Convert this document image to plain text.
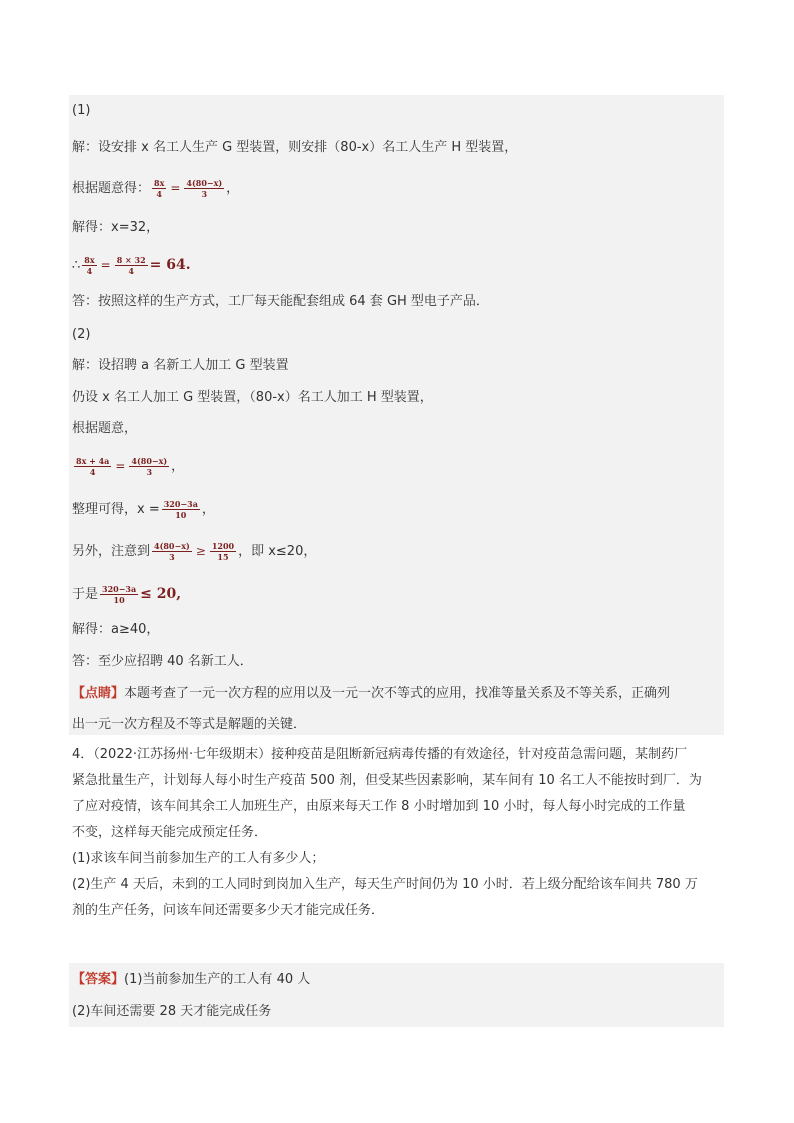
(1)
解：设安排 x 名工人生产 G 型装置，则安排（80-x）名工人生产 H 型装置，
根据题意得： $\frac{8x}{4} = \frac{4(80-x)}{3}$ ，
解得：x=32，
∴ $\frac{8x}{4} = \frac{8 \times 32}{4} = 64$.
答：按照这样的生产方式，工厂每天能配套组成 64 套 GH 型电子产品．
(2)
解：设招聘 a 名新工人加工 G 型装置
仍设 x 名工人加工 G 型装置，（80-x）名工人加工 H 型装置，
根据题意，
$\frac{8x + 4a}{4} = \frac{4(80-x)}{3}$ ，
整理可得，$x = \frac{320-3a}{10}$ ，
另外，注意到 $\frac{4(80-x)}{3} \ge \frac{1200}{15}$ ，即 x≤20，
于是 $\frac{320-3a}{10} \le 20$,
解得：a≥40，
答：至少应招聘 40 名新工人．
【点睛】本题考查了一元一次方程的应用以及一元一次不等式的应用，找准等量关系及不等关系，正确列
出一元一次方程及不等式是解题的关键．
4．（2022·江苏扬州·七年级期末）接种疫苗是阻断新冠病毒传播的有效途径，针对疫苗急需问题，某制药厂
紧急批量生产，计划每人每小时生产疫苗 500 剂，但受某些因素影响，某车间有 10 名工人不能按时到厂．为
了应对疫情，该车间其余工人加班生产，由原来每天工作 8 小时增加到 10 小时，每人每小时完成的工作量
不变，这样每天能完成预定任务．
(1)求该车间当前参加生产的工人有多少人；
(2)生产 4 天后，未到的工人同时到岗加入生产，每天生产时间仍为 10 小时．若上级分配给该车间共 780 万
剂的生产任务，问该车间还需要多少天才能完成任务．
【答案】(1)当前参加生产的工人有 40 人
(2)车间还需要 28 天才能完成任务
